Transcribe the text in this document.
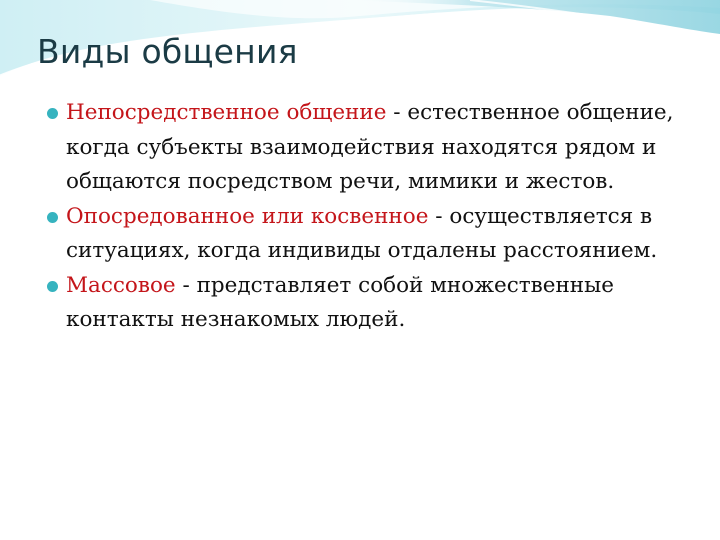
Виды общения
Непосредственное общение - естественное общение, когда субъекты взаимодействия находятся рядом и общаются посредством речи, мимики и жестов.
Опосредованное или косвенное - осуществляется в ситуациях, когда индивиды отдалены расстоянием.
Массовое - представляет собой множественные контакты незнакомых людей.
